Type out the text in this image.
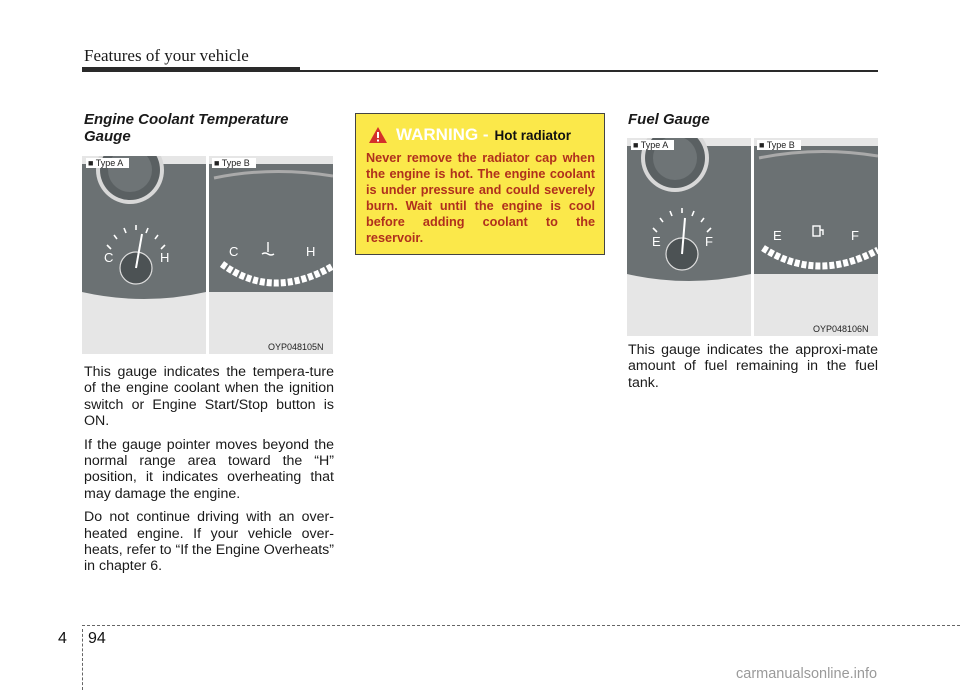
Features of your vehicle
Engine Coolant Temperature Gauge
C	H	C	H
■ Type A	■ Type B
OYP048105N

This gauge indicates the tempera-ture of the engine coolant when the ignition switch or Engine Start/Stop button is ON.

If the gauge pointer moves beyond the normal range area toward the “H” position, it indicates overheating that may damage the engine.

Do not continue driving with an over-heated engine. If your vehicle over-heats, refer to “If the Engine Overheats” in chapter 6.

WARNING - Hot radiator
Never remove the radiator cap when the engine is hot. The engine coolant is under pressure and could severely burn. Wait until the engine is cool before adding coolant to the reservoir.
Fuel Gauge
E	F	E	F
■ Type A	■ Type B
OYP048106N

This gauge indicates the approxi-mate amount of fuel remaining in the fuel tank.

4 94
carmanualsonline.info
